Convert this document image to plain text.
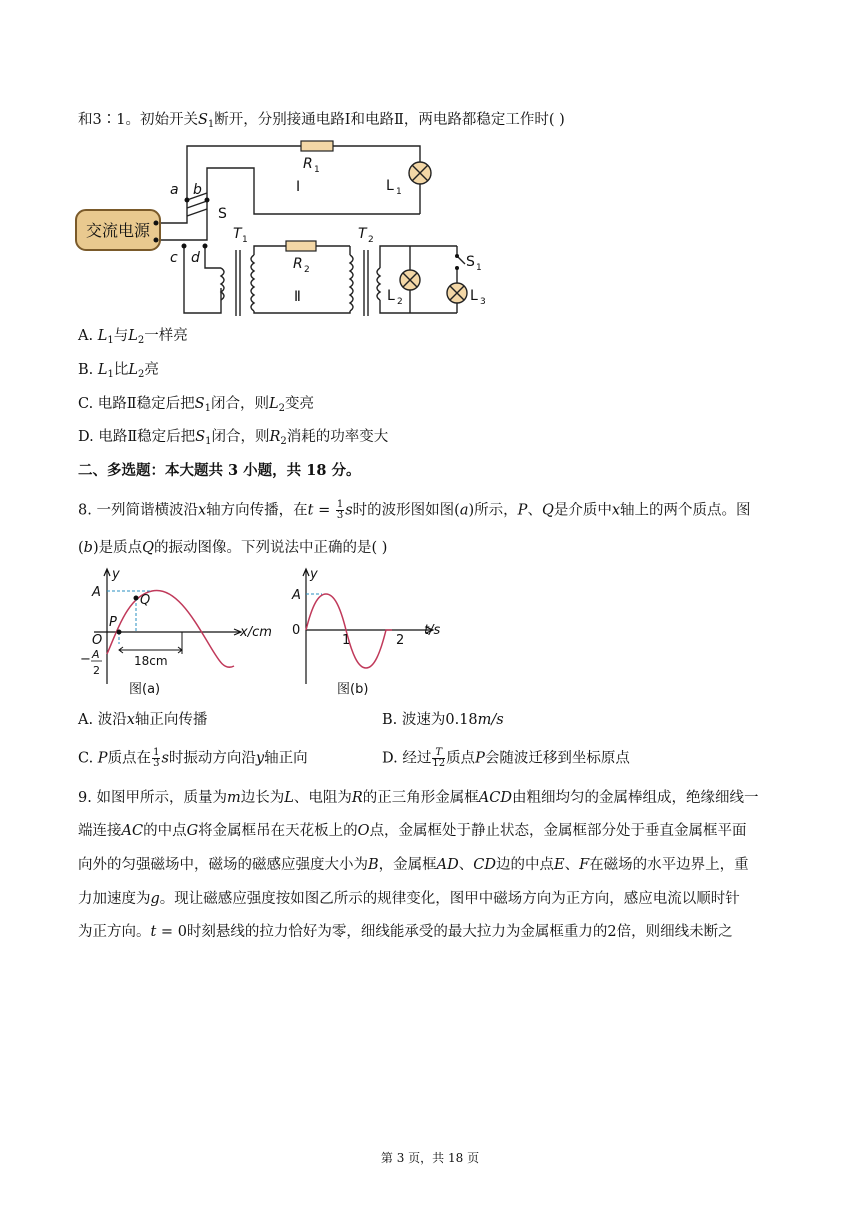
和3∶1。初始开关$S_1$断开，分别接通电路Ⅰ和电路Ⅱ，两电路都稳定工作时( )
交流电源
a b
c d
S
R 1
R 2
T 1	T 2
L 1
L 2	L 3
S 1
Ⅰ
Ⅱ
A. $L_1$与$L_2$一样亮
B. $L_1$比$L_2$亮
C. 电路Ⅱ稳定后把$S_1$闭合，则$L_2$变亮
D. 电路Ⅱ稳定后把$S_1$闭合，则$R_2$消耗的功率变大
二、多选题：本大题共 3 小题，共 18 分。
8. 一列简谐横波沿x轴方向传播，在$t = \frac{1}{3}$ s时的波形图如图(a)所示，P、Q是介质中x轴上的两个质点。图
(b)是质点Q的振动图像。下列说法中正确的是( )
y
x/cm
A
O
− A
2
P
Q
18cm
图(a)
y
t/s
A
0
1	2
图(b)
A. 波沿x轴正向传播	B. 波速为0.18m/s
C. P质点在 $\frac{1}{3}$ s时振动方向沿y轴正向	D. 经过 $\frac{T}{12}$ 质点P会随波迁移到坐标原点
9. 如图甲所示，质量为m边长为L、电阻为R的正三角形金属框ACD由粗细均匀的金属棒组成，绝缘细线一
端连接AC的中点G将金属框吊在天花板上的O点，金属框处于静止状态，金属框部分处于垂直金属框平面
向外的匀强磁场中，磁场的磁感应强度大小为B，金属框AD、CD边的中点E、F在磁场的水平边界上，重
力加速度为g。现让磁感应强度按如图乙所示的规律变化，图甲中磁场方向为正方向，感应电流以顺时针
为正方向。t = 0时刻悬线的拉力恰好为零，细线能承受的最大拉力为金属框重力的2倍，则细线未断之
第 3 页，共 18 页
